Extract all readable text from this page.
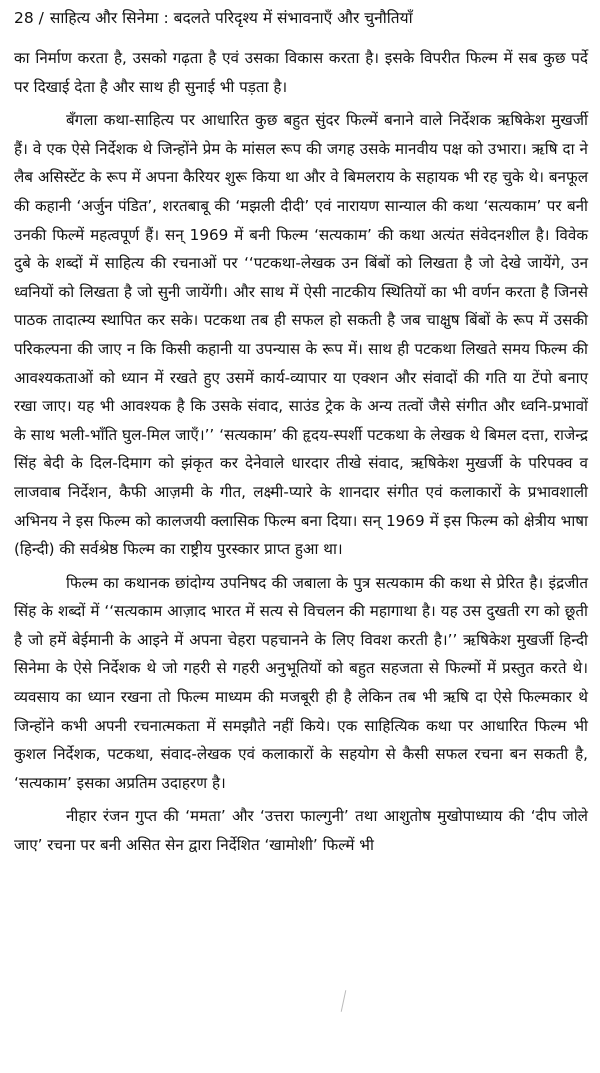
28 / साहित्य और सिनेमा : बदलते परिदृश्य में संभावनाएँ और चुनौतियाँ

का निर्माण करता है, उसको गढ़ता है एवं उसका विकास करता है। इसके विपरीत फिल्म में सब कुछ पर्दे पर दिखाई देता है और साथ ही सुनाई भी पड़ता है।

बँगला कथा-साहित्य पर आधारित कुछ बहुत सुंदर फिल्में बनाने वाले निर्देशक ऋषिकेश मुखर्जी हैं। वे एक ऐसे निर्देशक थे जिन्होंने प्रेम के मांसल रूप की जगह उसके मानवीय पक्ष को उभारा। ऋषि दा ने लैब असिस्टेंट के रूप में अपना कैरियर शुरू किया था और वे बिमलराय के सहायक भी रह चुके थे। बनफूल की कहानी ‘अर्जुन पंडित’, शरतबाबू की ‘मझली दीदी’ एवं नारायण सान्याल की कथा ‘सत्यकाम’ पर बनी उनकी फिल्में महत्वपूर्ण हैं। सन् 1969 में बनी फिल्म ‘सत्यकाम’ की कथा अत्यंत संवेदनशील है। विवेक दुबे के शब्दों में साहित्य की रचनाओं पर ‘‘पटकथा-लेखक उन बिंबों को लिखता है जो देखे जायेंगे, उन ध्वनियों को लिखता है जो सुनी जायेंगी। और साथ में ऐसी नाटकीय स्थितियों का भी वर्णन करता है जिनसे पाठक तादात्म्य स्थापित कर सके। पटकथा तब ही सफल हो सकती है जब चाक्षुष बिंबों के रूप में उसकी परिकल्पना की जाए न कि किसी कहानी या उपन्यास के रूप में। साथ ही पटकथा लिखते समय फिल्म की आवश्यकताओं को ध्यान में रखते हुए उसमें कार्य-व्यापार या एक्शन और संवादों की गति या टेंपो बनाए रखा जाए। यह भी आवश्यक है कि उसके संवाद, साउंड ट्रेक के अन्य तत्वों जैसे संगीत और ध्वनि-प्रभावों के साथ भली-भाँति घुल-मिल जाएँ।’’ ‘सत्यकाम’ की हृदय-स्पर्शी पटकथा के लेखक थे बिमल दत्ता, राजेन्द्र सिंह बेदी के दिल-दिमाग को झंकृत कर देनेवाले धारदार तीखे संवाद, ऋषिकेश मुखर्जी के परिपक्व व लाजवाब निर्देशन, कैफी आज़मी के गीत, लक्ष्मी-प्यारे के शानदार संगीत एवं कलाकारों के प्रभावशाली अभिनय ने इस फिल्म को कालजयी क्लासिक फिल्म बना दिया। सन् 1969 में इस फिल्म को क्षेत्रीय भाषा (हिन्दी) की सर्वश्रेष्ठ फिल्म का राष्ट्रीय पुरस्कार प्राप्त हुआ था।

फिल्म का कथानक छांदोग्य उपनिषद की जबाला के पुत्र सत्यकाम की कथा से प्रेरित है। इंद्रजीत सिंह के शब्दों में ‘‘सत्यकाम आज़ाद भारत में सत्य से विचलन की महागाथा है। यह उस दुखती रग को छूती है जो हमें बेईमानी के आइने में अपना चेहरा पहचानने के लिए विवश करती है।’’ ऋषिकेश मुखर्जी हिन्दी सिनेमा के ऐसे निर्देशक थे जो गहरी से गहरी अनुभूतियों को बहुत सहजता से फिल्मों में प्रस्तुत करते थे। व्यवसाय का ध्यान रखना तो फिल्म माध्यम की मजबूरी ही है लेकिन तब भी ऋषि दा ऐसे फिल्मकार थे जिन्होंने कभी अपनी रचनात्मकता में समझौते नहीं किये। एक साहित्यिक कथा पर आधारित फिल्म भी कुशल निर्देशक, पटकथा, संवाद-लेखक एवं कलाकारों के सहयोग से कैसी सफल रचना बन सकती है, ‘सत्यकाम’ इसका अप्रतिम उदाहरण है।

नीहार रंजन गुप्त की ‘ममता’ और ‘उत्तरा फाल्गुनी’ तथा आशुतोष मुखोपाध्याय की ‘दीप जोले जाए’ रचना पर बनी असित सेन द्वारा निर्देशित ‘खामोशी’ फिल्में भी
